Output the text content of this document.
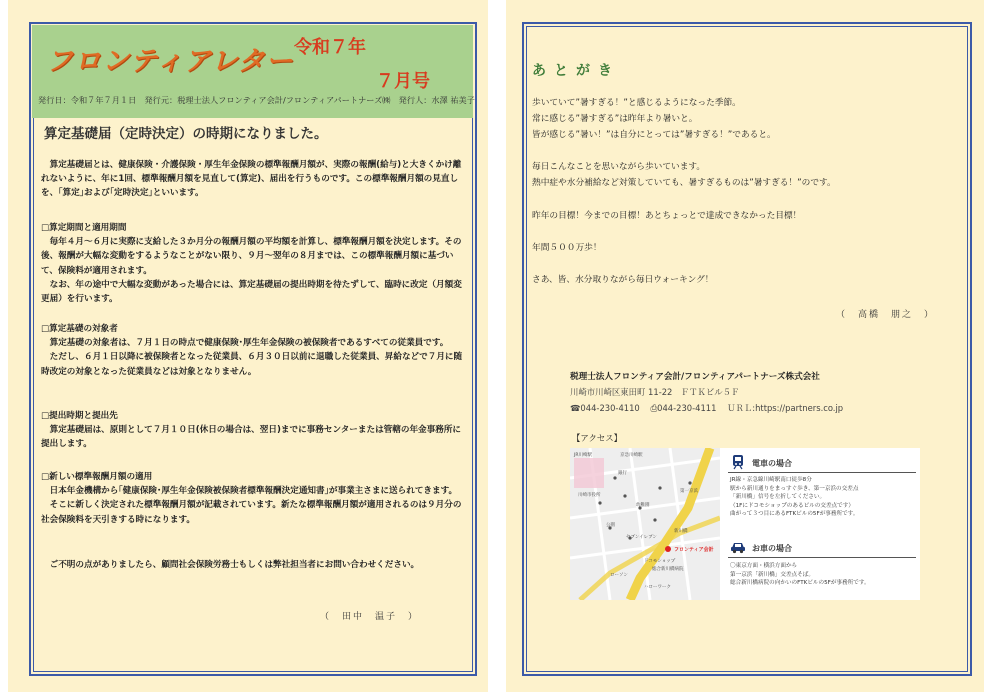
フロンティアレター 令和７年
７月号
発行日：令和７年７月１日　発行元：税理士法人フロンティア会計/フロンティアパートナーズ㈱　発行人：水澤 祐美子
算定基礎届（定時決定）の時期になりました。

　算定基礎届とは、健康保険・介護保険・厚生年金保険の標準報酬月額が、実際の報酬(給与)と大きくかけ離れないように、年に1回、標準報酬月額を見直して(算定)、届出を行うものです。この標準報酬月額の見直しを、｢算定｣および｢定時決定｣といいます。

□算定期間と適用期間

　毎年４月～６月に実際に支給した３か月分の報酬月額の平均額を計算し、標準報酬月額を決定します。その後、報酬が大幅な変動をするようなことがない限り、９月～翌年の８月までは、この標準報酬月額に基づいて、保険料が適用されます。

　なお、年の途中で大幅な変動があった場合には、算定基礎届の提出時期を待たずして、臨時に改定（月額変更届）を行います。

□算定基礎の対象者

　算定基礎の対象者は、７月１日の時点で健康保険･厚生年金保険の被保険者であるすべての従業員です。

　ただし、６月１日以降に被保険者となった従業員、６月３０日以前に退職した従業員、昇給などで７月に随時改定の対象となった従業員などは対象となりません。

□提出時期と提出先

　算定基礎届は、原則として７月１０日(休日の場合は、翌日)までに事務センターまたは管轄の年金事務所に提出します。

□新しい標準報酬月額の適用

　日本年金機構から｢健康保険･厚生年金保険被保険者標準報酬決定通知書｣が事業主さまに送られてきます。

　そこに新しく決定された標準報酬月額が記載されています。新たな標準報酬月額が適用されるのは９月分の社会保険料を天引きする時になります。

　ご不明の点がありましたら、顧問社会保険労務士もしくは弊社担当者にお問い合わせください。

（　田中　温子　）
あとがき
歩いていて”暑すぎる！”と感じるようになった季節。
常に感じる”暑すぎる”は昨年より暑いと。
皆が感じる”暑い！”は自分にとっては”暑すぎる！”であると。
毎日こんなことを思いながら歩いています。
熱中症や水分補給など対策していても、暑すぎるものは”暑すぎる！”のです。
昨年の目標！今までの目標！あとちょっとで達成できなかった目標！
年間５００万歩！
さあ、皆、水分取りながら毎日ウォーキング！
（　高橋　朋之　）
税理士法人フロンティア会計/フロンティアパートナーズ株式会社
川崎市川崎区東田町 11-22　ＦＴＫビル５Ｆ
☎044-230-4110 ⎙044-230-4111 ＵＲＬ:https://partners.co.jp
【アクセス】
JR川崎駅	京急川崎駅
川崎市役所
銀行
第一京浜
幼稚園
公園
セブンイレブン
新川橋
フロンティア会計
ドコモショップ
総合新川橋病院
ローソン
ハローワーク
電車の場合
JR線・京急線川崎駅南口徒歩8分
駅から新川通りをまっすぐ歩き、第一京浜の交差点
「新川橋」信号を左折してください。
（1Fにドコモショップのあるビルの交差点です）
曲がって３つ目にあるFTKビルの5Fが事務所です。
お車の場合
〇東京方面・横浜方面から
第一京浜「新川橋」交差点そば。
総合新川橋病院の向かいのFTKビルの5Fが事務所です。
